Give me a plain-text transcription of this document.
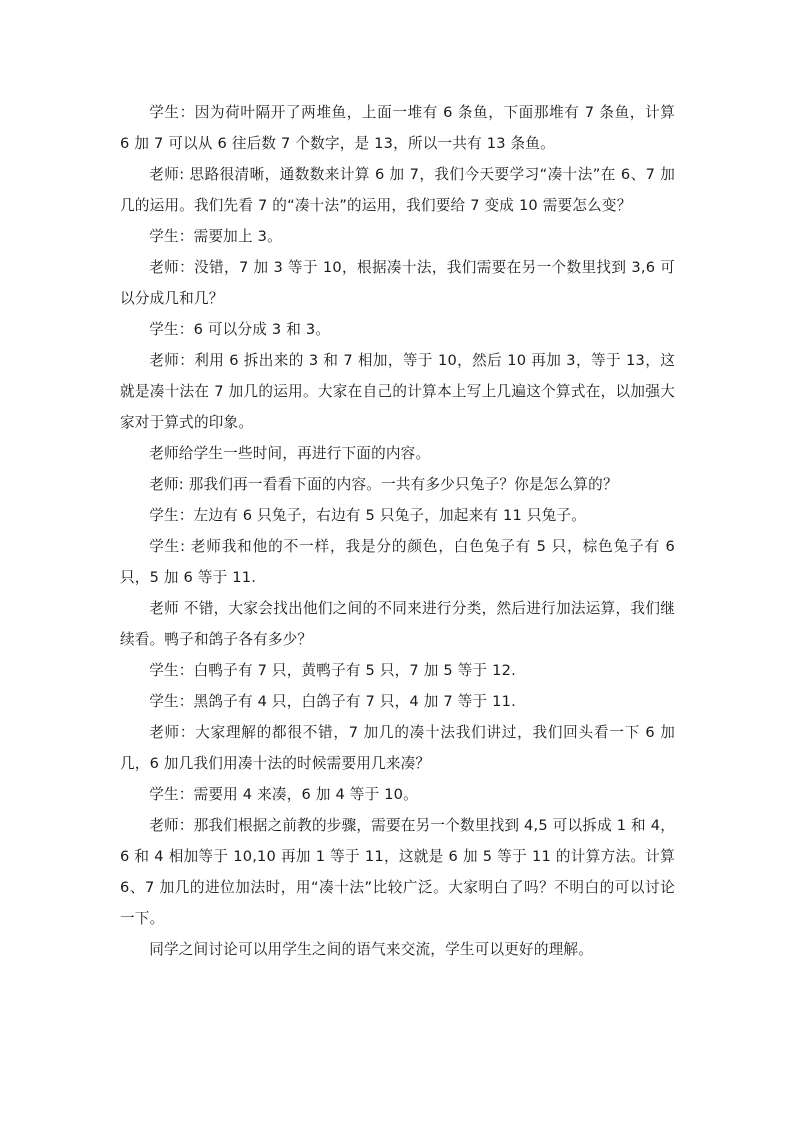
学生：因为荷叶隔开了两堆鱼，上面一堆有 6 条鱼，下面那堆有 7 条鱼，计算 6 加 7 可以从 6 往后数 7 个数字，是 13，所以一共有 13 条鱼。

老师: 思路很清晰，通数数来计算 6 加 7，我们今天要学习“凑十法”在 6、7 加几的运用。我们先看 7 的“凑十法”的运用，我们要给 7 变成 10 需要怎么变？

学生：需要加上 3。

老师：没错，7 加 3 等于 10，根据凑十法，我们需要在另一个数里找到 3,6 可以分成几和几？

学生：6 可以分成 3 和 3。

老师：利用 6 拆出来的 3 和 7 相加，等于 10，然后 10 再加 3，等于 13，这就是凑十法在 7 加几的运用。大家在自己的计算本上写上几遍这个算式在，以加强大家对于算式的印象。

老师给学生一些时间，再进行下面的内容。

老师: 那我们再一看看下面的内容。一共有多少只兔子？你是怎么算的？

学生：左边有 6 只兔子，右边有 5 只兔子，加起来有 11 只兔子。

学生: 老师我和他的不一样，我是分的颜色，白色兔子有 5 只，棕色兔子有 6 只，5 加 6 等于 11.

老师 不错，大家会找出他们之间的不同来进行分类，然后进行加法运算，我们继续看。鸭子和鸽子各有多少？

学生：白鸭子有 7 只，黄鸭子有 5 只，7 加 5 等于 12.

学生：黑鸽子有 4 只，白鸽子有 7 只，4 加 7 等于 11.

老师：大家理解的都很不错，7 加几的凑十法我们讲过，我们回头看一下 6 加几，6 加几我们用凑十法的时候需要用几来凑？

学生：需要用 4 来凑，6 加 4 等于 10。

老师：那我们根据之前教的步骤，需要在另一个数里找到 4,5 可以拆成 1 和 4，6 和 4 相加等于 10,10 再加 1 等于 11，这就是 6 加 5 等于 11 的计算方法。计算 6、7 加几的进位加法时，用“凑十法”比较广泛。大家明白了吗？不明白的可以讨论一下。

同学之间讨论可以用学生之间的语气来交流，学生可以更好的理解。
